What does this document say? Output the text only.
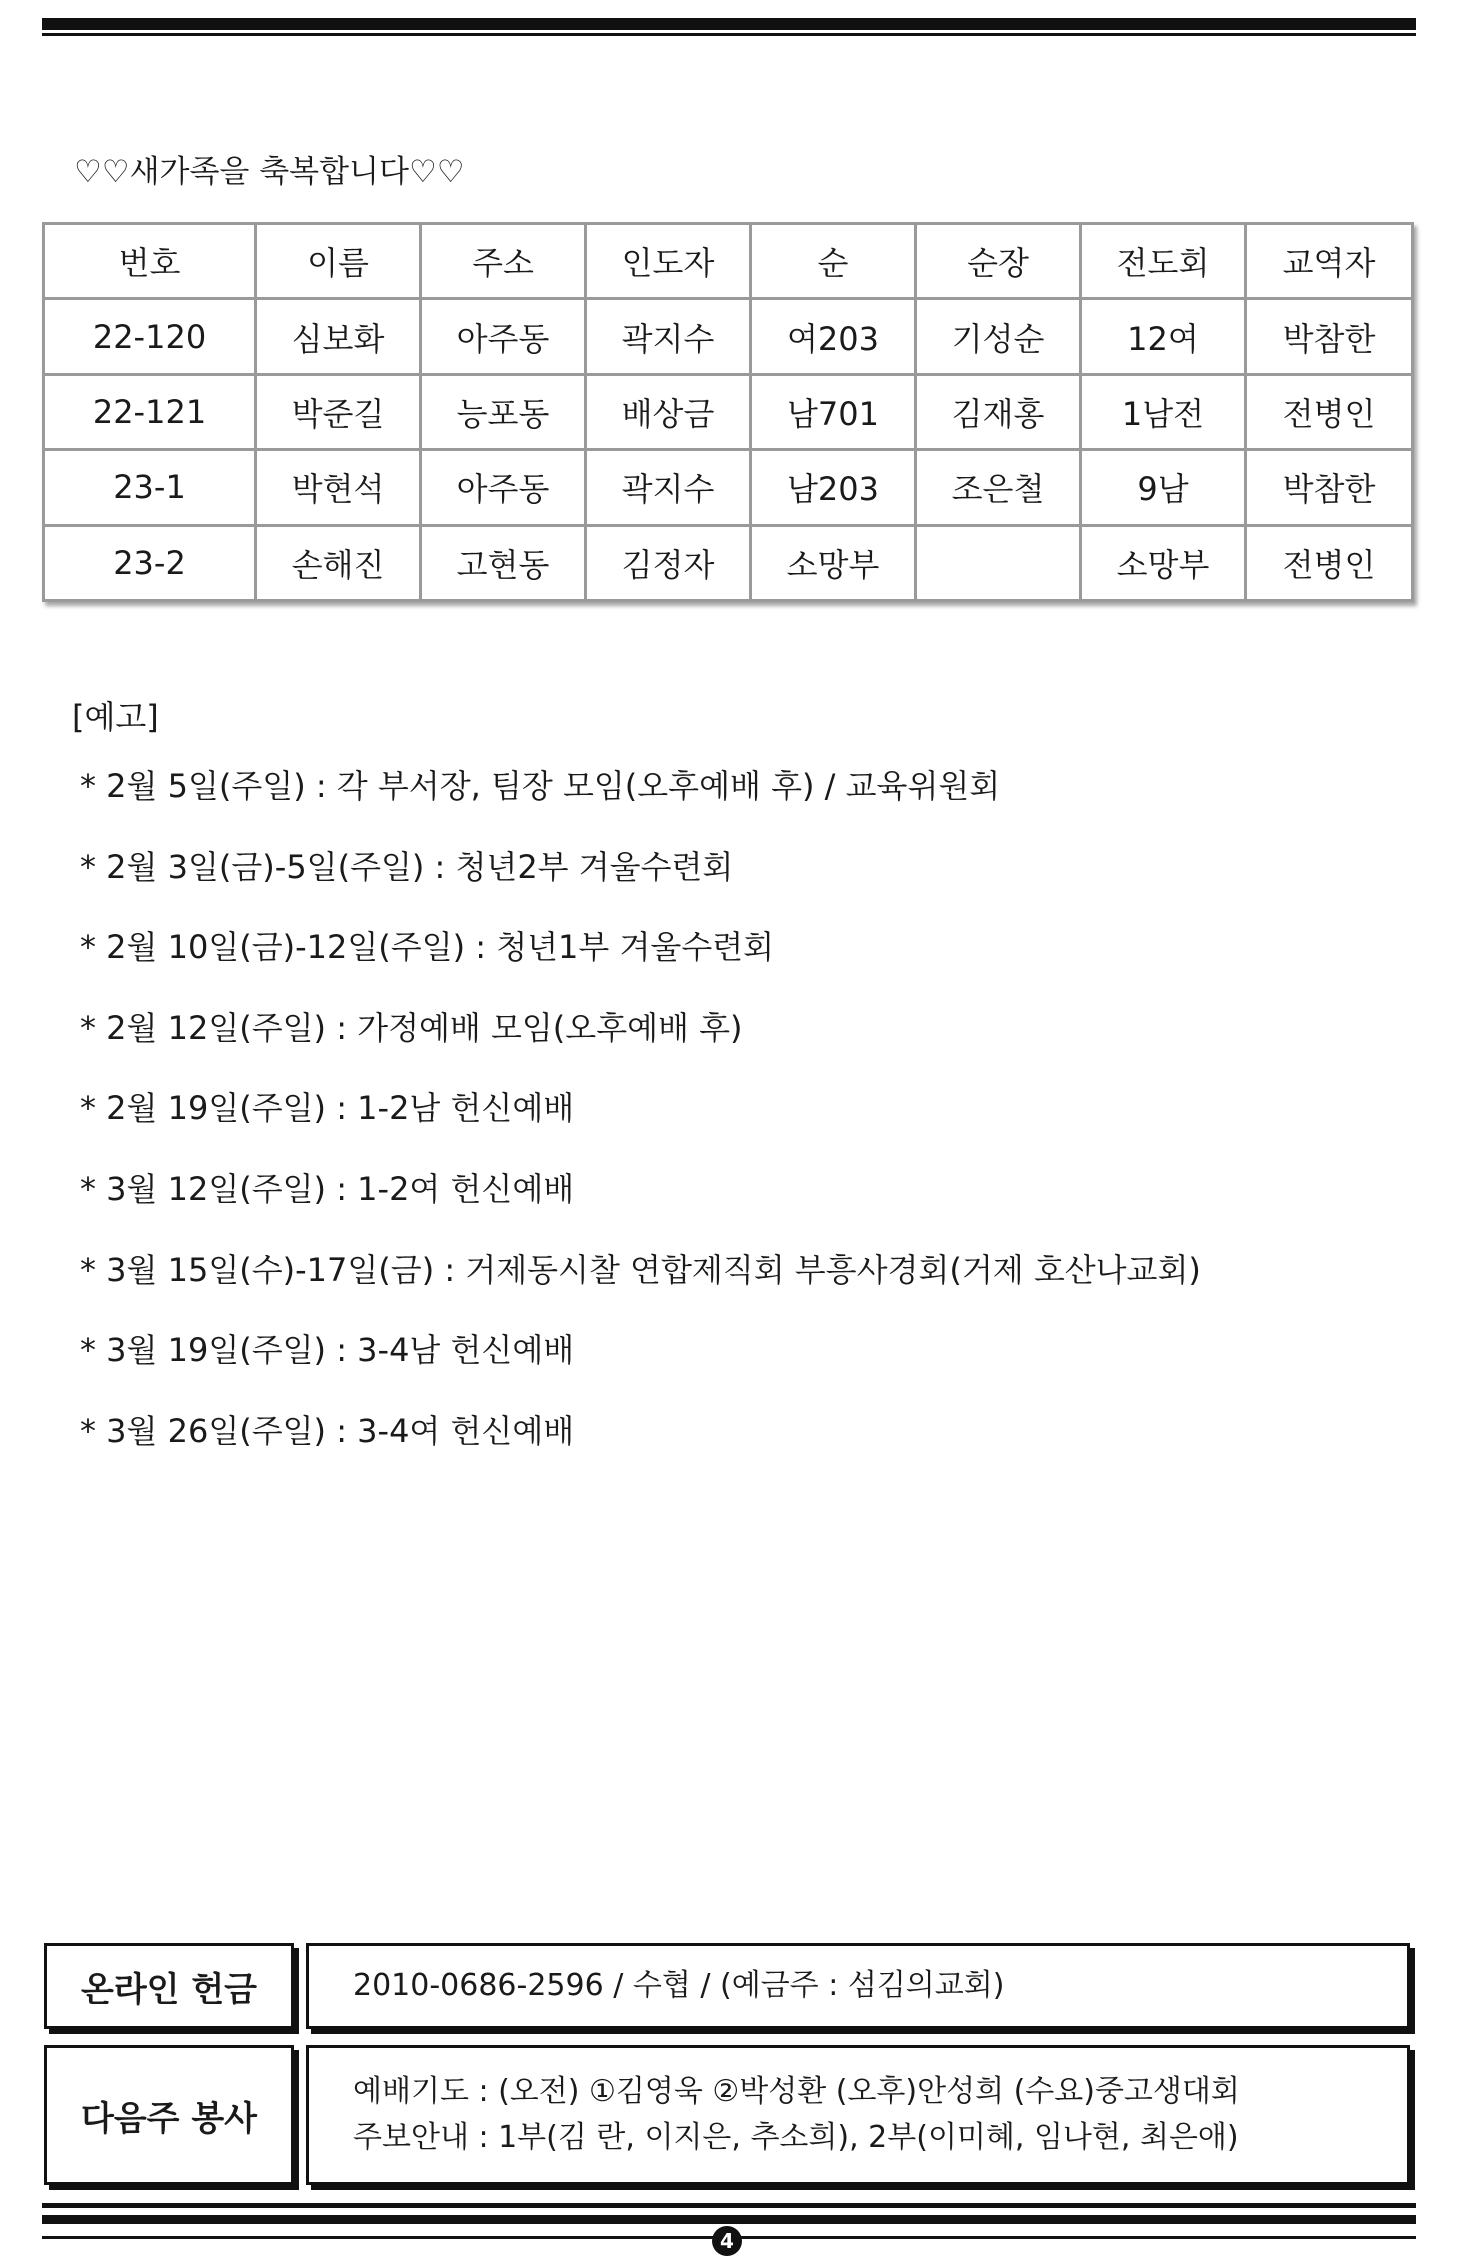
♡♡새가족을 축복합니다♡♡
번호	이름	주소	인도자	순	순장	전도회	교역자
22-120	심보화	아주동	곽지수	여203	기성순	12여	박참한
22-121	박준길	능포동	배상금	남701	김재홍	1남전	전병인
23-1	박현석	아주동	곽지수	남203	조은철	9남	박참한
23-2	손해진	고현동	김정자	소망부		소망부	전병인
[예고]
* 2월 5일(주일) : 각 부서장, 팀장 모임(오후예배 후) / 교육위원회
* 2월 3일(금)-5일(주일) : 청년2부 겨울수련회
* 2월 10일(금)-12일(주일) : 청년1부 겨울수련회
* 2월 12일(주일) : 가정예배 모임(오후예배 후)
* 2월 19일(주일) : 1-2남 헌신예배
* 3월 12일(주일) : 1-2여 헌신예배
* 3월 15일(수)-17일(금) : 거제동시찰 연합제직회 부흥사경회(거제 호산나교회)
* 3월 19일(주일) : 3-4남 헌신예배
* 3월 26일(주일) : 3-4여 헌신예배
온라인 헌금	2010-0686-2596 / 수협 / (예금주 : 섬김의교회)
다음주 봉사
예배기도 : (오전) ①김영욱 ②박성환 (오후)안성희 (수요)중고생대회
주보안내 : 1부(김 란, 이지은, 추소희), 2부(이미혜, 임나현, 최은애)
4
